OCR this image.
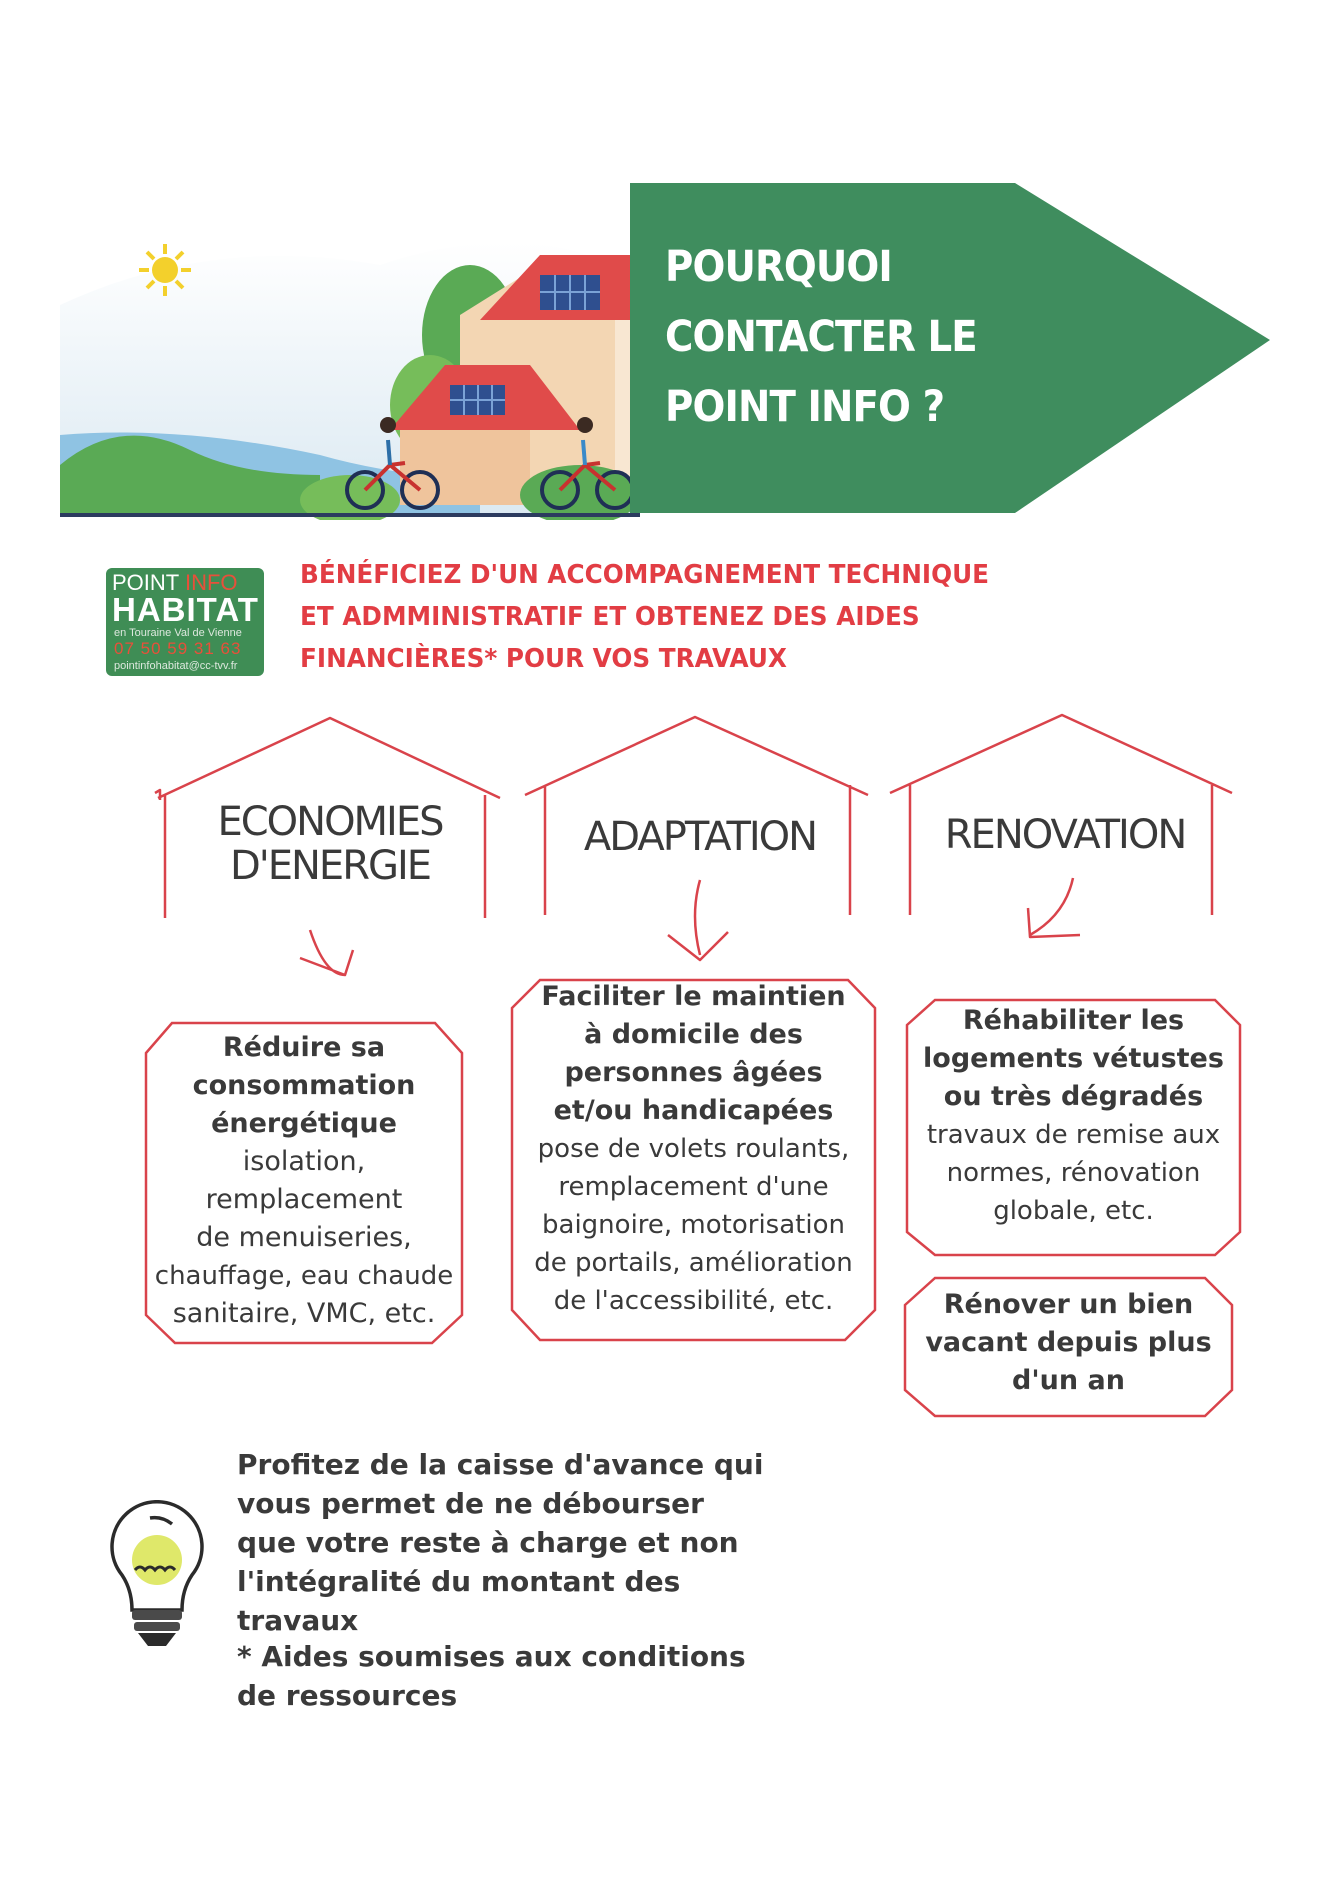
POURQUOI
CONTACTER LE
POINT INFO ?
POINT INFO
HABITAT
en Touraine Val de Vienne
07 50 59 31 63
pointinfohabitat@cc-tvv.fr
BÉNÉFICIEZ D'UN ACCOMPAGNEMENT TECHNIQUE
ET ADMMINISTRATIF ET OBTENEZ DES AIDES
FINANCIÈRES* POUR VOS TRAVAUX
ECONOMIES
D'ENERGIE
ADAPTATION	RENOVATION
Réduire sa
consommation
énergétique
isolation,
remplacement
de menuiseries,
chauffage, eau chaude
sanitaire, VMC, etc.
Faciliter le maintien
à domicile des
personnes âgées
et/ou handicapées
pose de volets roulants,
remplacement d'une
baignoire, motorisation
de portails, amélioration
de l'accessibilité, etc.
Réhabiliter les
logements vétustes
ou très dégradés
travaux de remise aux
normes, rénovation
globale, etc.
Rénover un bien
vacant depuis plus
d'un an
Profitez de la caisse d'avance qui
vous permet de ne débourser
que votre reste à charge et non
l'intégralité du montant des travaux
* Aides soumises aux conditions
de ressources
